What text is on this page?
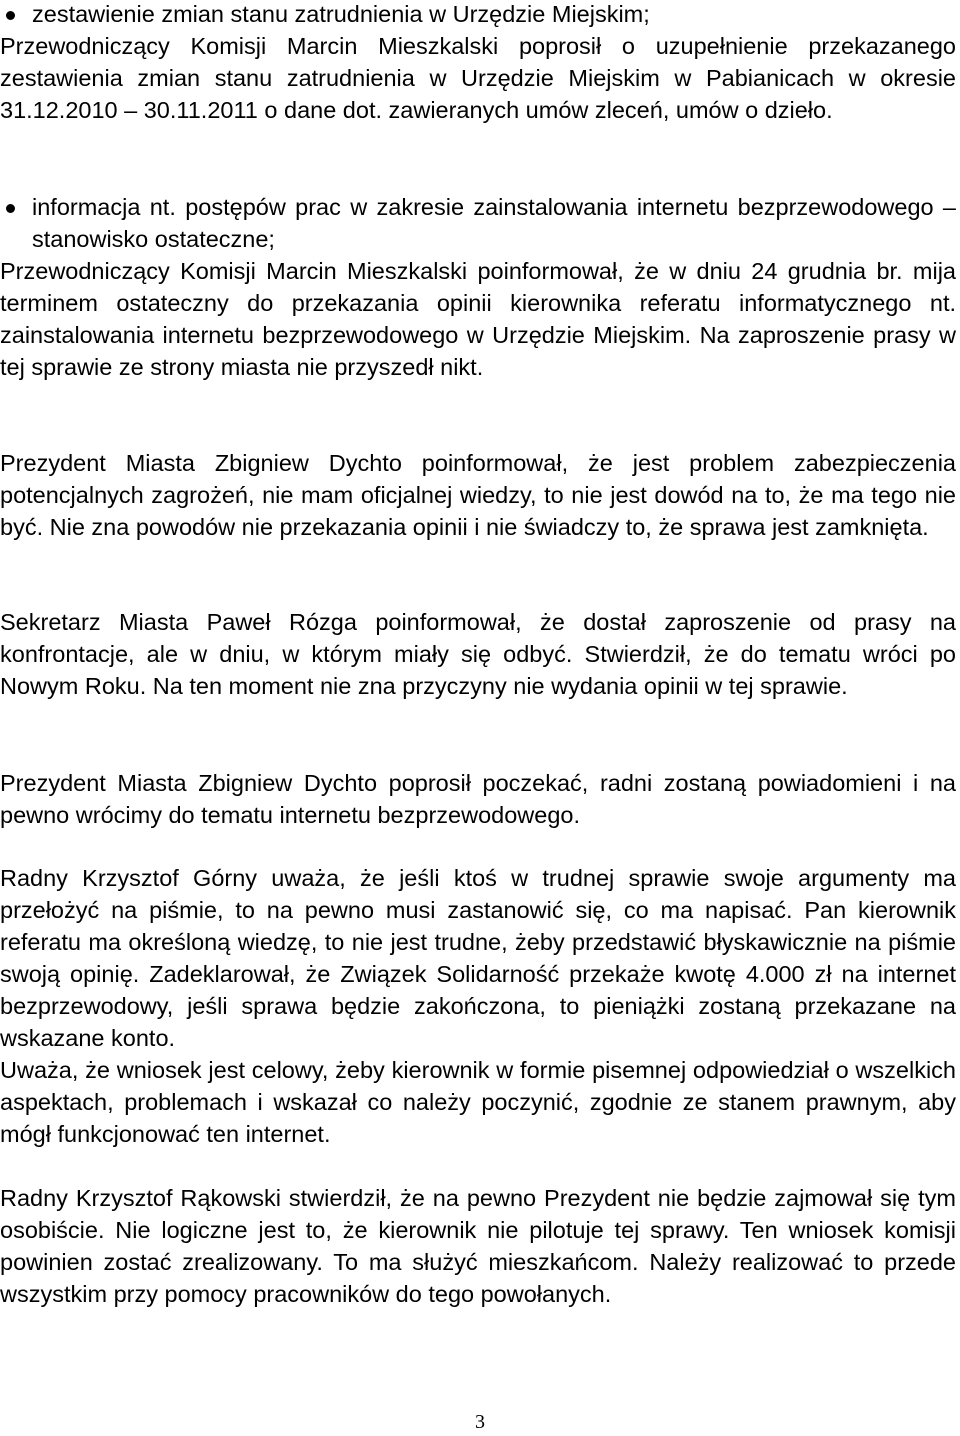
zestawienie zmian stanu zatrudnienia w Urzędzie Miejskim;
Przewodniczący Komisji Marcin Mieszkalski poprosił o uzupełnienie przekazanego zestawienia zmian stanu zatrudnienia w Urzędzie Miejskim w Pabianicach w okresie 31.12.2010 – 30.11.2011 o dane dot. zawieranych umów zleceń, umów o dzieło.
informacja nt. postępów prac w zakresie zainstalowania internetu bezprzewodowego – stanowisko ostateczne;
Przewodniczący Komisji Marcin Mieszkalski poinformował, że w dniu 24 grudnia br. mija terminem ostateczny do przekazania opinii kierownika referatu informatycznego nt. zainstalowania internetu bezprzewodowego w Urzędzie Miejskim. Na zaproszenie prasy w tej sprawie ze strony miasta nie przyszedł nikt.

Prezydent Miasta Zbigniew Dychto poinformował, że jest problem zabezpieczenia potencjalnych zagrożeń, nie mam oficjalnej wiedzy, to nie jest dowód na to, że ma tego nie być. Nie zna powodów nie przekazania opinii i nie świadczy to, że sprawa jest zamknięta.

Sekretarz Miasta Paweł Rózga poinformował, że dostał zaproszenie od prasy na konfrontacje, ale w dniu, w którym miały się odbyć. Stwierdził, że do tematu wróci po Nowym Roku. Na ten moment nie zna przyczyny nie wydania opinii w tej sprawie.

Prezydent Miasta Zbigniew Dychto poprosił poczekać, radni zostaną powiadomieni i na pewno wrócimy do tematu internetu bezprzewodowego.

Radny Krzysztof Górny uważa, że jeśli ktoś w trudnej sprawie swoje argumenty ma przełożyć na piśmie, to na pewno musi zastanowić się, co ma napisać. Pan kierownik referatu ma określoną wiedzę, to nie jest trudne, żeby przedstawić błyskawicznie na piśmie swoją opinię. Zadeklarował, że Związek Solidarność przekaże kwotę 4.000 zł na internet bezprzewodowy, jeśli sprawa będzie zakończona, to pieniążki zostaną przekazane na wskazane konto.

Uważa, że wniosek jest celowy, żeby kierownik w formie pisemnej odpowiedział o wszelkich aspektach, problemach i wskazał co należy poczynić, zgodnie ze stanem prawnym, aby mógł funkcjonować ten internet.

Radny Krzysztof Rąkowski stwierdził, że na pewno Prezydent nie będzie zajmował się tym osobiście. Nie logiczne jest to, że kierownik nie pilotuje tej sprawy. Ten wniosek komisji powinien zostać zrealizowany. To ma służyć mieszkańcom. Należy realizować to przede wszystkim przy pomocy pracowników do tego powołanych.

3
